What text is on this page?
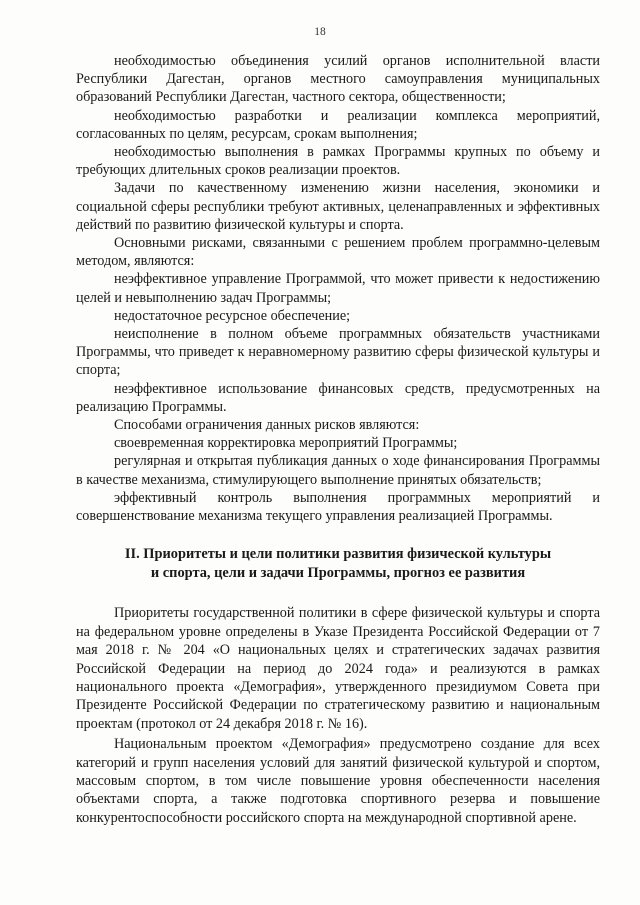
18

необходимостью объединения усилий органов исполнительной власти Республики Дагестан, органов местного самоуправления муниципальных образований Республики Дагестан, частного сектора, общественности;

необходимостью разработки и реализации комплекса мероприятий, согласованных по целям, ресурсам, срокам выполнения;

необходимостью выполнения в рамках Программы крупных по объему и требующих длительных сроков реализации проектов.

Задачи по качественному изменению жизни населения, экономики и социальной сферы республики требуют активных, целенаправленных и эффективных действий по развитию физической культуры и спорта.

Основными рисками, связанными с решением проблем программно-целевым методом, являются:

неэффективное управление Программой, что может привести к недостижению целей и невыполнению задач Программы;

недостаточное ресурсное обеспечение;

неисполнение в полном объеме программных обязательств участниками Программы, что приведет к неравномерному развитию сферы физической культуры и спорта;

неэффективное использование финансовых средств, предусмотренных на реализацию Программы.

Способами ограничения данных рисков являются:

своевременная корректировка мероприятий Программы;

регулярная и открытая публикация данных о ходе финансирования Программы в качестве механизма, стимулирующего выполнение принятых обязательств;

эффективный контроль выполнения программных мероприятий и совершенствование механизма текущего управления реализацией Программы.

II. Приоритеты и цели политики развития физической культуры
и спорта, цели и задачи Программы, прогноз ее развития

Приоритеты государственной политики в сфере физической культуры и спорта на федеральном уровне определены в Указе Президента Российской Федерации от 7 мая 2018 г. № 204 «О национальных целях и стратегических задачах развития Российской Федерации на период до 2024 года» и реализуются в рамках национального проекта «Демография», утвержденного президиумом Совета при Президенте Российской Федерации по стратегическому развитию и национальным проектам (протокол от 24 декабря 2018 г. № 16).

Национальным проектом «Демография» предусмотрено создание для всех категорий и групп населения условий для занятий физической культурой и спортом, массовым спортом, в том числе повышение уровня обеспеченности населения объектами спорта, а также подготовка спортивного резерва и повышение конкурентоспособности российского спорта на международной спортивной арене.
